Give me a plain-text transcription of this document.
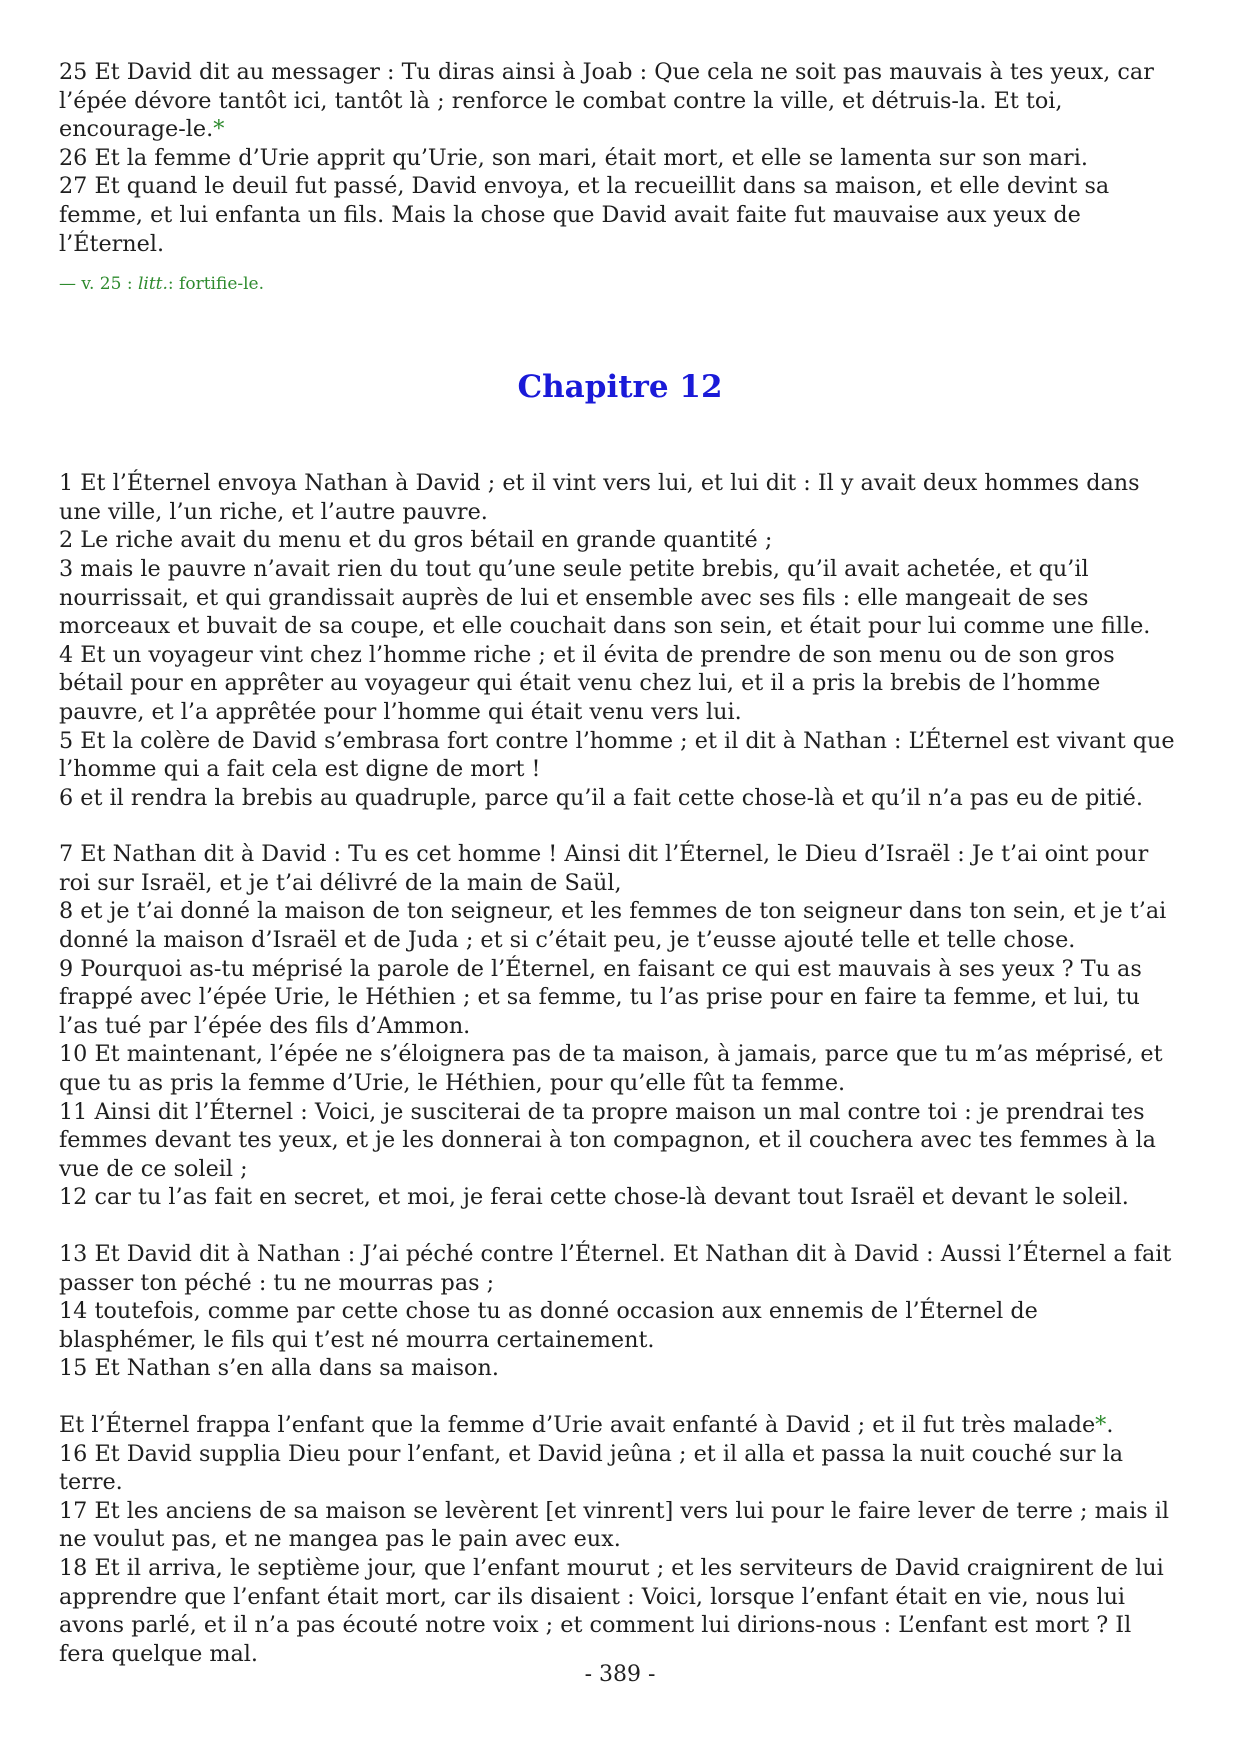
25 Et David dit au messager : Tu diras ainsi à Joab : Que cela ne soit pas mauvais à tes yeux, car l’épée dévore tantôt ici, tantôt là ; renforce le combat contre la ville, et détruis-la. Et toi, encourage-le.*

26 Et la femme d’Urie apprit qu’Urie, son mari, était mort, et elle se lamenta sur son mari.

27 Et quand le deuil fut passé, David envoya, et la recueillit dans sa maison, et elle devint sa femme, et lui enfanta un fils. Mais la chose que David avait faite fut mauvaise aux yeux de l’Éternel.

— v. 25 : litt.: fortifie-le.
Chapitre 12

1 Et l’Éternel envoya Nathan à David ; et il vint vers lui, et lui dit : Il y avait deux hommes dans une ville, l’un riche, et l’autre pauvre.

2 Le riche avait du menu et du gros bétail en grande quantité ;

3 mais le pauvre n’avait rien du tout qu’une seule petite brebis, qu’il avait achetée, et qu’il nourrissait, et qui grandissait auprès de lui et ensemble avec ses fils : elle mangeait de ses morceaux et buvait de sa coupe, et elle couchait dans son sein, et était pour lui comme une fille.

4 Et un voyageur vint chez l’homme riche ; et il évita de prendre de son menu ou de son gros bétail pour en apprêter au voyageur qui était venu chez lui, et il a pris la brebis de l’homme pauvre, et l’a apprêtée pour l’homme qui était venu vers lui.

5 Et la colère de David s’embrasa fort contre l’homme ; et il dit à Nathan : L’Éternel est vivant que l’homme qui a fait cela est digne de mort !

6 et il rendra la brebis au quadruple, parce qu’il a fait cette chose-là et qu’il n’a pas eu de pitié.

7 Et Nathan dit à David : Tu es cet homme ! Ainsi dit l’Éternel, le Dieu d’Israël : Je t’ai oint pour roi sur Israël, et je t’ai délivré de la main de Saül,

8 et je t’ai donné la maison de ton seigneur, et les femmes de ton seigneur dans ton sein, et je t’ai donné la maison d’Israël et de Juda ; et si c’était peu, je t’eusse ajouté telle et telle chose.

9 Pourquoi as-tu méprisé la parole de l’Éternel, en faisant ce qui est mauvais à ses yeux ? Tu as frappé avec l’épée Urie, le Héthien ; et sa femme, tu l’as prise pour en faire ta femme, et lui, tu l’as tué par l’épée des fils d’Ammon.

10 Et maintenant, l’épée ne s’éloignera pas de ta maison, à jamais, parce que tu m’as méprisé, et que tu as pris la femme d’Urie, le Héthien, pour qu’elle fût ta femme.

11 Ainsi dit l’Éternel : Voici, je susciterai de ta propre maison un mal contre toi : je prendrai tes femmes devant tes yeux, et je les donnerai à ton compagnon, et il couchera avec tes femmes à la vue de ce soleil ;

12 car tu l’as fait en secret, et moi, je ferai cette chose-là devant tout Israël et devant le soleil.

13 Et David dit à Nathan : J’ai péché contre l’Éternel. Et Nathan dit à David : Aussi l’Éternel a fait passer ton péché : tu ne mourras pas ;

14 toutefois, comme par cette chose tu as donné occasion aux ennemis de l’Éternel de blasphémer, le fils qui t’est né mourra certainement.

15 Et Nathan s’en alla dans sa maison.

Et l’Éternel frappa l’enfant que la femme d’Urie avait enfanté à David ; et il fut très malade*.

16 Et David supplia Dieu pour l’enfant, et David jeûna ; et il alla et passa la nuit couché sur la terre.

17 Et les anciens de sa maison se levèrent [et vinrent] vers lui pour le faire lever de terre ; mais il ne voulut pas, et ne mangea pas le pain avec eux.

18 Et il arriva, le septième jour, que l’enfant mourut ; et les serviteurs de David craignirent de lui apprendre que l’enfant était mort, car ils disaient : Voici, lorsque l’enfant était en vie, nous lui avons parlé, et il n’a pas écouté notre voix ; et comment lui dirions-nous : L’enfant est mort ? Il fera quelque mal.

- 389 -
